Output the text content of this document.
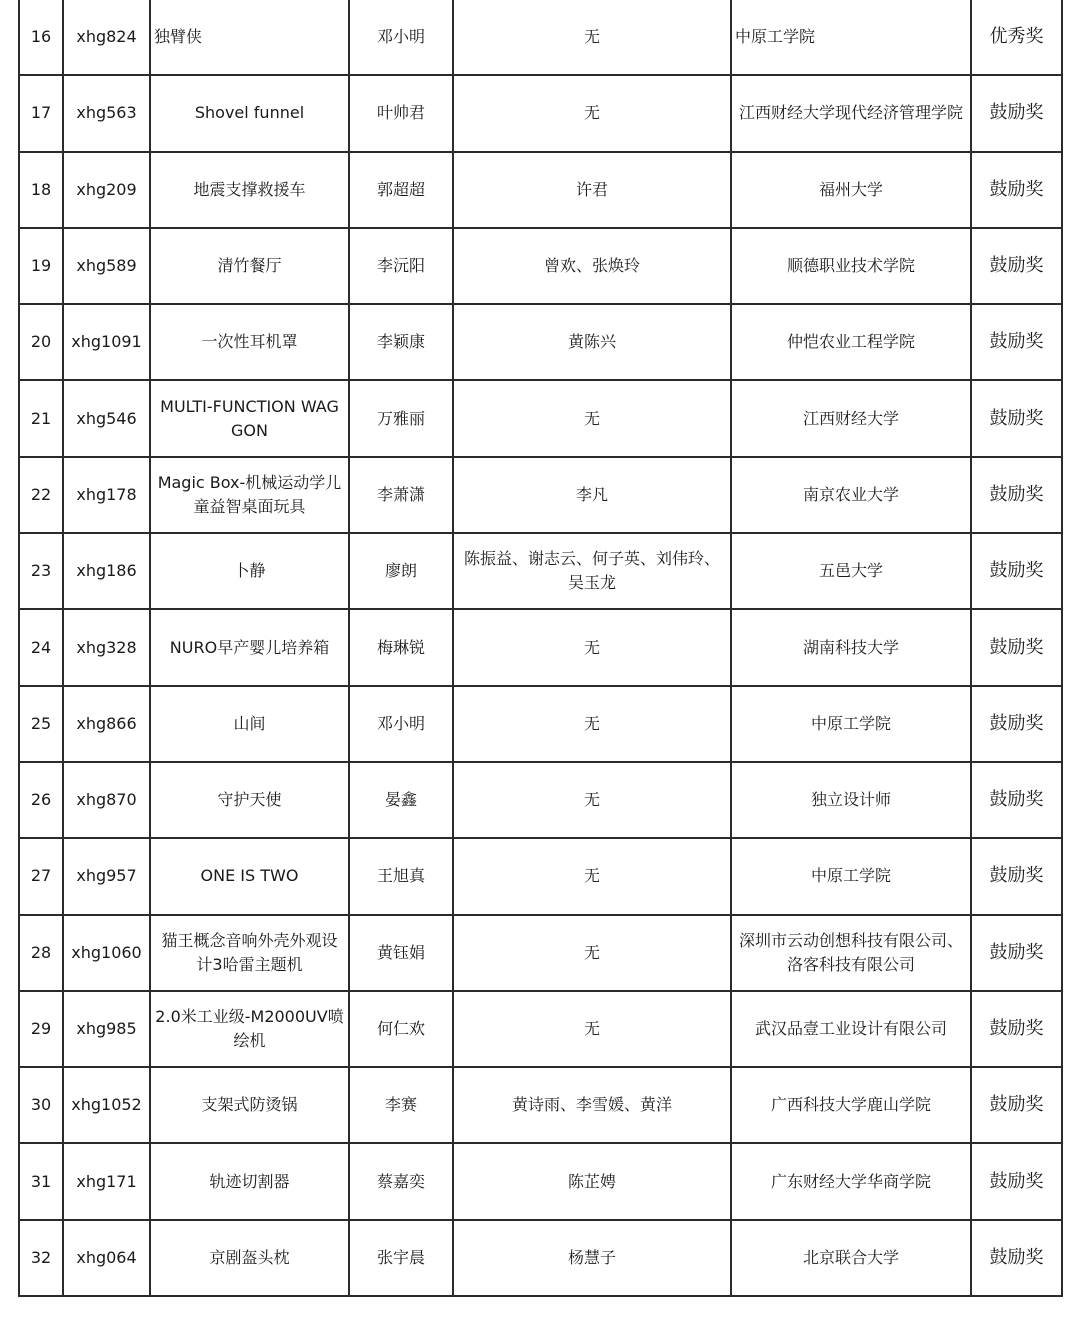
16	xhg824	独臂侠	邓小明	无	中原工学院	优秀奖
17	xhg563	Shovel funnel	叶帅君	无	江西财经大学现代经济管理学院	鼓励奖
18	xhg209	地震支撑救援车	郭超超	许君	福州大学	鼓励奖
19	xhg589	清竹餐厅	李沅阳	曾欢、张焕玲	顺德职业技术学院	鼓励奖
20	xhg1091	一次性耳机罩	李颖康	黄陈兴	仲恺农业工程学院	鼓励奖
21	xhg546	MULTI-FUNCTION WAGGON	万雅丽	无	江西财经大学	鼓励奖
22	xhg178	Magic Box-机械运动学儿童益智桌面玩具	李萧潇	李凡	南京农业大学	鼓励奖
23	xhg186	卜静	廖朗	陈振益、谢志云、何子英、刘伟玲、吴玉龙	五邑大学	鼓励奖
24	xhg328	NURO早产婴儿培养箱	梅琳锐	无	湖南科技大学	鼓励奖
25	xhg866	山间	邓小明	无	中原工学院	鼓励奖
26	xhg870	守护天使	晏鑫	无	独立设计师	鼓励奖
27	xhg957	ONE IS TWO	王旭真	无	中原工学院	鼓励奖
28	xhg1060	猫王概念音响外壳外观设计3哈雷主题机	黄钰娟	无	深圳市云动创想科技有限公司、洛客科技有限公司	鼓励奖
29	xhg985	2.0米工业级-M2000UV喷绘机	何仁欢	无	武汉品壹工业设计有限公司	鼓励奖
30	xhg1052	支架式防烫锅	李赛	黄诗雨、李雪媛、黄洋	广西科技大学鹿山学院	鼓励奖
31	xhg171	轨迹切割器	蔡嘉奕	陈芷娉	广东财经大学华商学院	鼓励奖
32	xhg064	京剧盔头枕	张宇晨	杨慧子	北京联合大学	鼓励奖
